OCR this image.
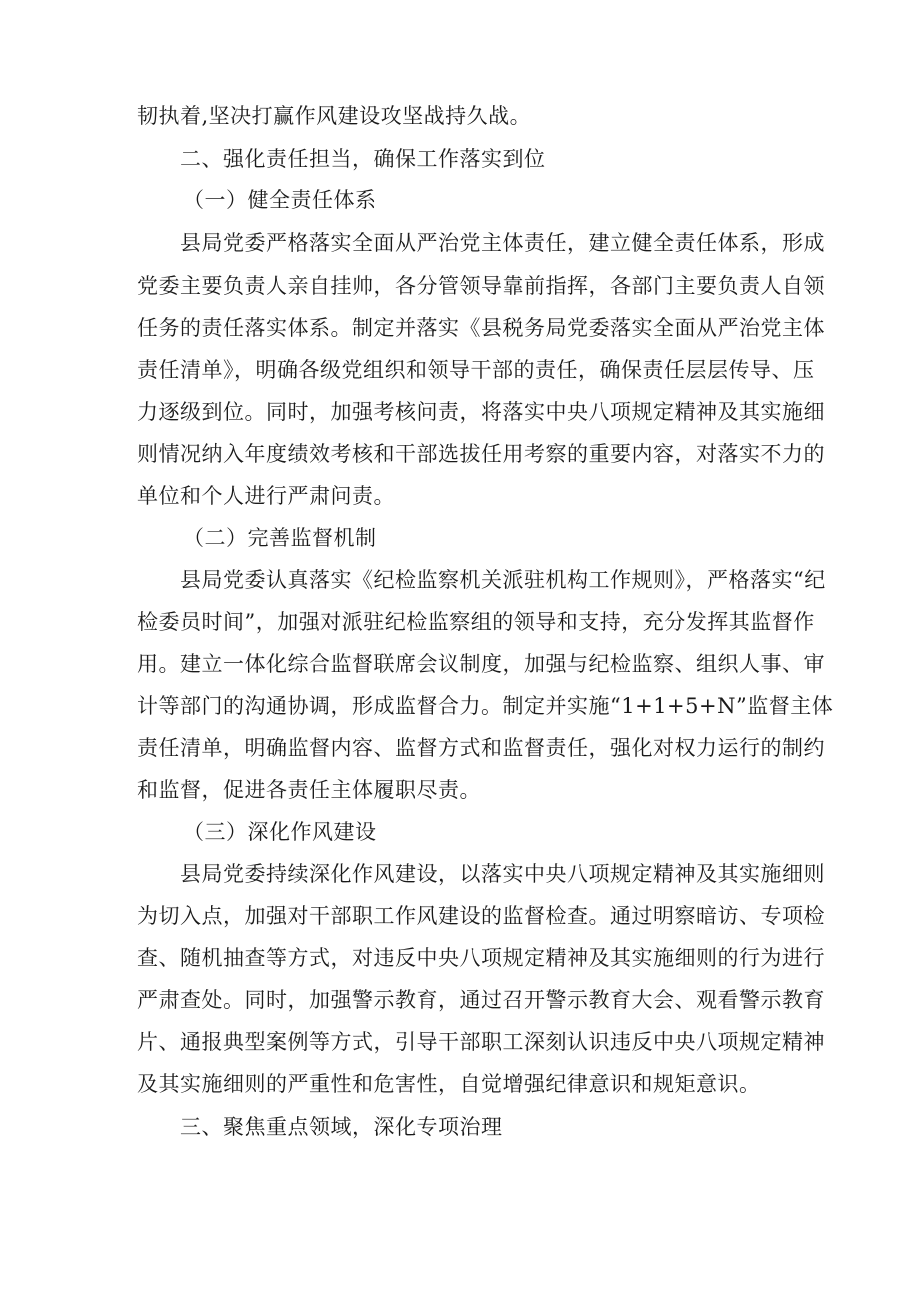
韧执着,坚决打赢作风建设攻坚战持久战。
二、强化责任担当，确保工作落实到位
（一）健全责任体系
县局党委严格落实全面从严治党主体责任，建立健全责任体系，形成
党委主要负责人亲自挂帅，各分管领导靠前指挥，各部门主要负责人自领
任务的责任落实体系。制定并落实《县税务局党委落实全面从严治党主体
责任清单》，明确各级党组织和领导干部的责任，确保责任层层传导、压
力逐级到位。同时，加强考核问责，将落实中央八项规定精神及其实施细
则情况纳入年度绩效考核和干部选拔任用考察的重要内容，对落实不力的
单位和个人进行严肃问责。
（二）完善监督机制
县局党委认真落实《纪检监察机关派驻机构工作规则》，严格落实“纪
检委员时间”，加强对派驻纪检监察组的领导和支持，充分发挥其监督作
用。建立一体化综合监督联席会议制度，加强与纪检监察、组织人事、审
计等部门的沟通协调，形成监督合力。制定并实施“1+1+5+N”监督主体
责任清单，明确监督内容、监督方式和监督责任，强化对权力运行的制约
和监督，促进各责任主体履职尽责。
（三）深化作风建设
县局党委持续深化作风建设，以落实中央八项规定精神及其实施细则
为切入点，加强对干部职工作风建设的监督检查。通过明察暗访、专项检
查、随机抽查等方式，对违反中央八项规定精神及其实施细则的行为进行
严肃查处。同时，加强警示教育，通过召开警示教育大会、观看警示教育
片、通报典型案例等方式，引导干部职工深刻认识违反中央八项规定精神
及其实施细则的严重性和危害性，自觉增强纪律意识和规矩意识。
三、聚焦重点领域，深化专项治理
